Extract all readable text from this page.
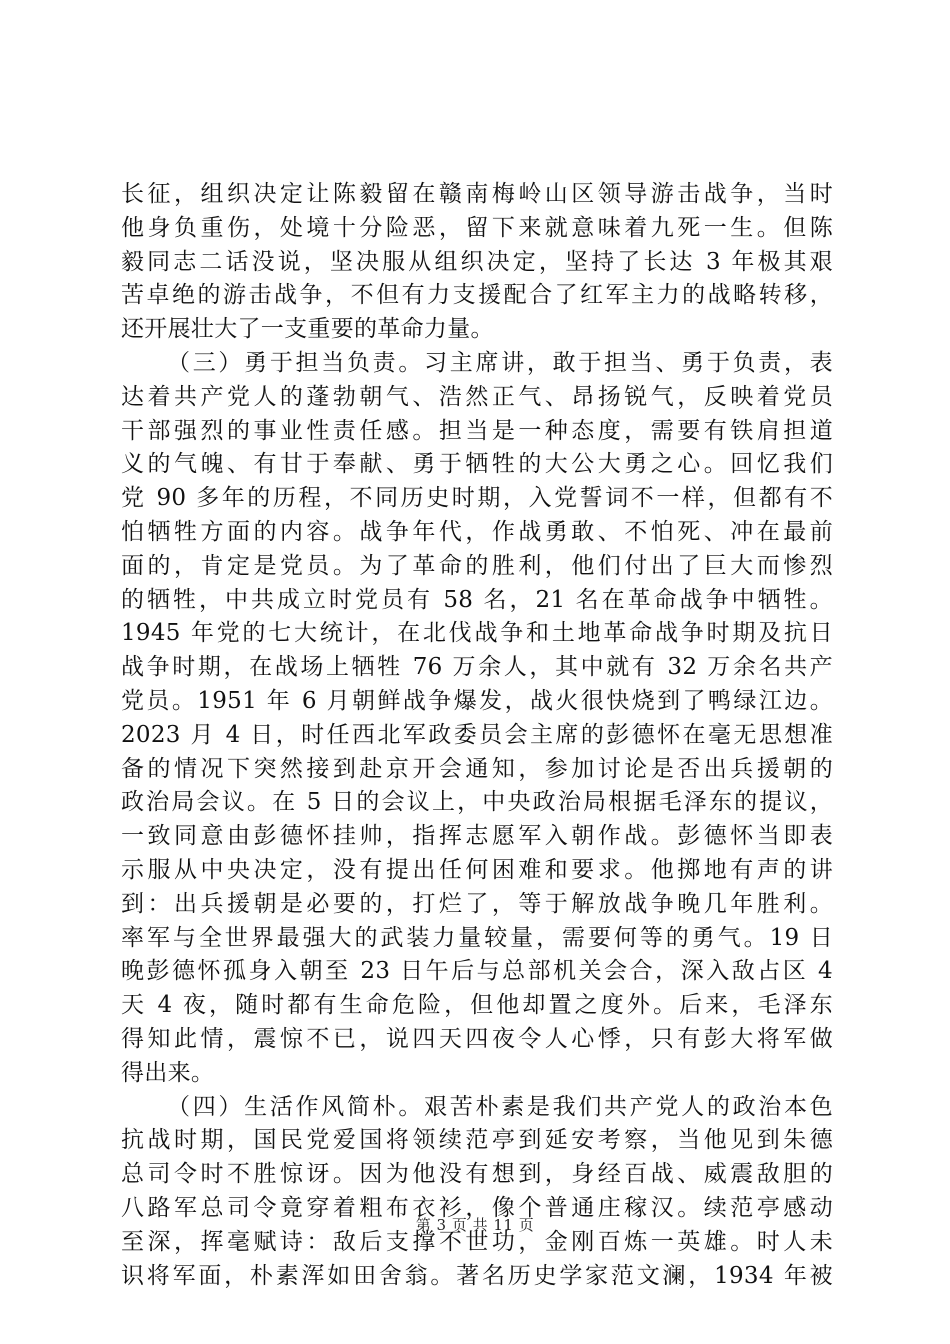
长征，组织决定让陈毅留在赣南梅岭山区领导游击战争，当时
他身负重伤，处境十分险恶，留下来就意味着九死一生。但陈
毅同志二话没说，坚决服从组织决定，坚持了长达 3 年极其艰
苦卓绝的游击战争，不但有力支援配合了红军主力的战略转移，
还开展壮大了一支重要的革命力量。
（三）勇于担当负责。习主席讲，敢于担当、勇于负责，表
达着共产党人的蓬勃朝气、浩然正气、昂扬锐气，反映着党员
干部强烈的事业性责任感。担当是一种态度，需要有铁肩担道
义的气魄、有甘于奉献、勇于牺牲的大公大勇之心。回忆我们
党 90 多年的历程，不同历史时期，入党誓词不一样，但都有不
怕牺牲方面的内容。战争年代，作战勇敢、不怕死、冲在最前
面的，肯定是党员。为了革命的胜利，他们付出了巨大而惨烈
的牺牲，中共成立时党员有 58 名，21 名在革命战争中牺牲。
1945 年党的七大统计，在北伐战争和土地革命战争时期及抗日
战争时期，在战场上牺牲 76 万余人，其中就有 32 万余名共产
党员。1951 年 6 月朝鲜战争爆发，战火很快烧到了鸭绿江边。
2023 月 4 日，时任西北军政委员会主席的彭德怀在毫无思想准
备的情况下突然接到赴京开会通知，参加讨论是否出兵援朝的
政治局会议。在 5 日的会议上，中央政治局根据毛泽东的提议，
一致同意由彭德怀挂帅，指挥志愿军入朝作战。彭德怀当即表
示服从中央决定，没有提出任何困难和要求。他掷地有声的讲
到：出兵援朝是必要的，打烂了，等于解放战争晚几年胜利。
率军与全世界最强大的武装力量较量，需要何等的勇气。19 日
晚彭德怀孤身入朝至 23 日午后与总部机关会合，深入敌占区 4
天 4 夜，随时都有生命危险，但他却置之度外。后来，毛泽东
得知此情，震惊不已，说四天四夜令人心悸，只有彭大将军做
得出来。
（四）生活作风简朴。艰苦朴素是我们共产党人的政治本色
抗战时期，国民党爱国将领续范亭到延安考察，当他见到朱德
总司令时不胜惊讶。因为他没有想到，身经百战、威震敌胆的
八路军总司令竟穿着粗布衣衫，像个普通庄稼汉。续范亭感动
至深，挥毫赋诗：敌后支撑不世功，金刚百炼一英雄。时人未
识将军面，朴素浑如田舍翁。著名历史学家范文澜，1934 年被
第 3 页 共 11 页
